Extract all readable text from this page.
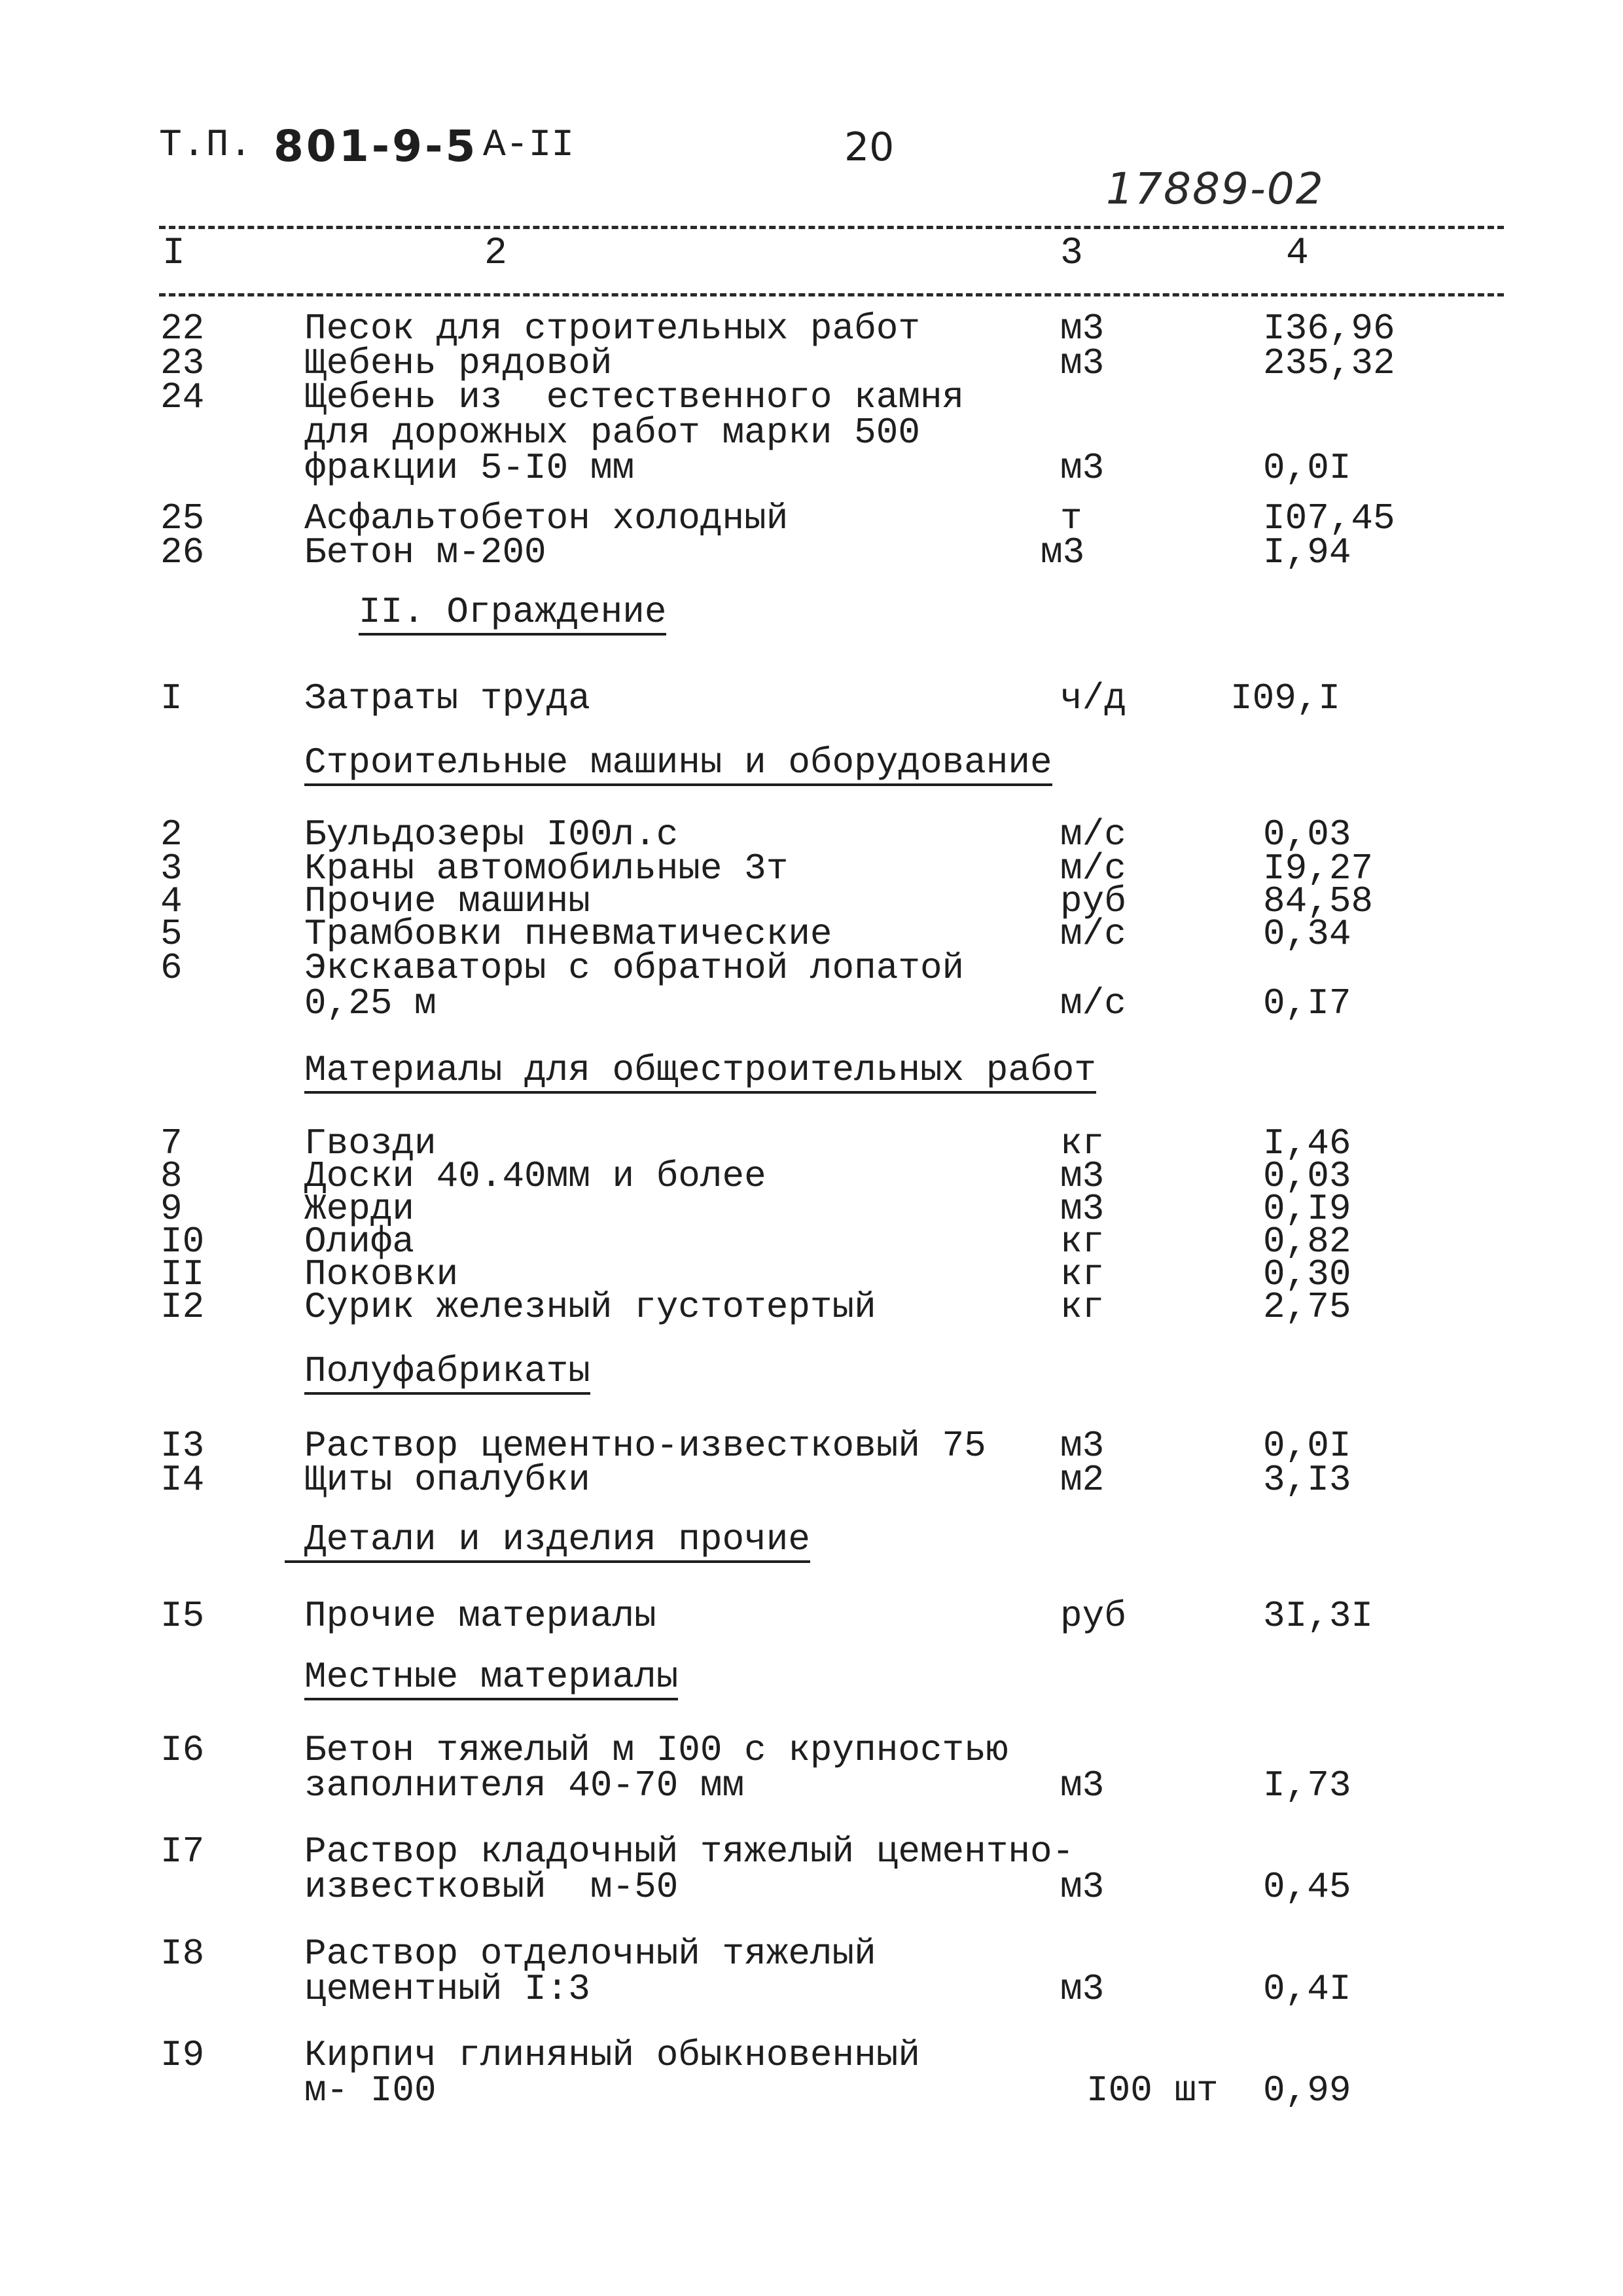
Т.П. 801-9-5 А-II	20
17889-02
I	2	3	4
22	Песок для строительных работ	м3	I36,96
23	Щебень рядовой	м3	235,32
24	Щебень из  естественного камня
для дорожных работ марки 500
фракции 5-I0 мм	м3	0,0I
25	Асфальтобетон холодный	т	I07,45
26	Бетон м-200	м3	I,94
II. Ограждение
I	Затраты труда	ч/д	I09,I
Строительные машины и оборудование
2	Бульдозеры I00л.с	м/с	0,03
3	Краны автомобильные 3т	м/с	I9,27
4	Прочие машины	руб	84,58
5	Трамбовки пневматические	м/с	0,34
6	Экскаваторы с обратной лопатой
0,25 м	м/с	0,I7
Материалы для общестроительных работ
7	Гвозди	кг	I,46
8	Доски 40.40мм и более	м3	0,03
9	Жерди	м3	0,I9
I0	Олифа	кг	0,82
II	Поковки	кг	0,30
I2	Сурик железный густотертый	кг	2,75
Полуфабрикаты
I3	Раствор цементно-известковый 75	м3	0,0I
I4	Щиты опалубки	м2	3,I3
Детали и изделия прочие
I5	Прочие материалы	руб	3I,3I
Местные материалы
I6	Бетон тяжелый м I00 с крупностью
заполнителя 40-70 мм	м3	I,73
I7	Раствор кладочный тяжелый цементно-
известковый  м-50	м3	0,45
I8	Раствор отделочный тяжелый
цементный I:3	м3	0,4I
I9	Кирпич глиняный обыкновенный
м- I00	I00 шт	0,99
